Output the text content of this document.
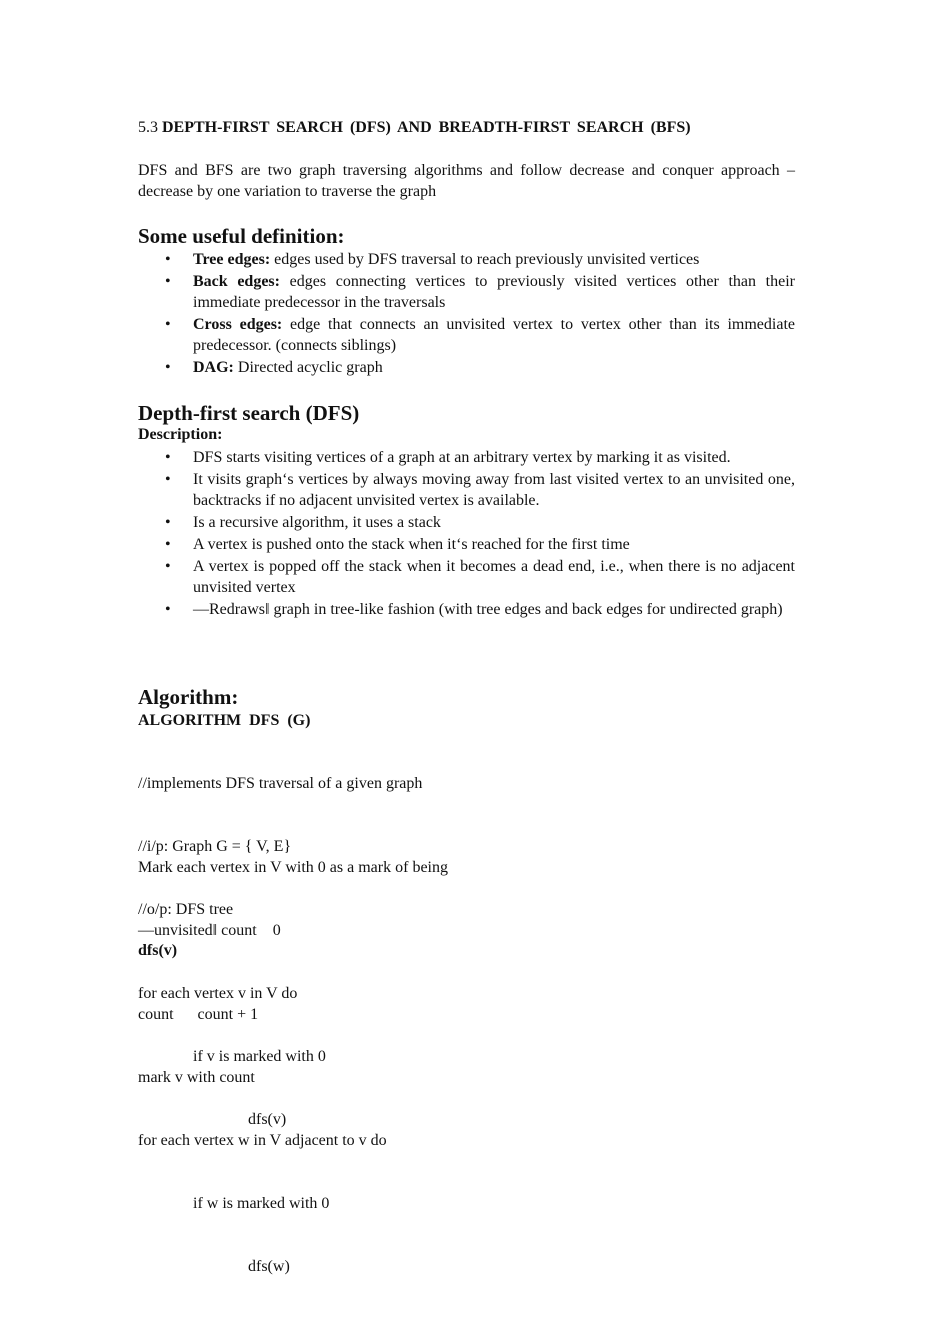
5.3 DEPTH-FIRST SEARCH (DFS) AND BREADTH-FIRST SEARCH (BFS)
DFS and BFS are two graph traversing algorithms and follow decrease and conquer approach – decrease by one variation to traverse the graph
Some useful definition:
• Tree edges: edges used by DFS traversal to reach previously unvisited vertices
• Back edges: edges connecting vertices to previously visited vertices other than their immediate predecessor in the traversals
• Cross edges: edge that connects an unvisited vertex to vertex other than its immediate predecessor. (connects siblings)
• DAG: Directed acyclic graph
Depth-first search (DFS)
Description:
• DFS starts visiting vertices of a graph at an arbitrary vertex by marking it as visited.
• It visits graph‘s vertices by always moving away from last visited vertex to an unvisited one, backtracks if no adjacent unvisited vertex is available.
• Is a recursive algorithm, it uses a stack
• A vertex is pushed onto the stack when it‘s reached for the first time
• A vertex is popped off the stack when it becomes a dead end, i.e., when there is no adjacent unvisited vertex
• ―Redraws‖ graph in tree-like fashion (with tree edges and back edges for undirected graph)
Algorithm:
ALGORITHM  DFS  (G)

//implements DFS traversal of a given graph

//i/p: Graph G = { V, E}

//o/p: DFS tree

Mark each vertex in V with 0 as a mark of being

―unvisited‖ count    0

for each vertex v in V do

if v is marked with 0

dfs(v)

dfs(v)

count      count + 1

mark v with count

for each vertex w in V adjacent to v do

if w is marked with 0

dfs(w)
